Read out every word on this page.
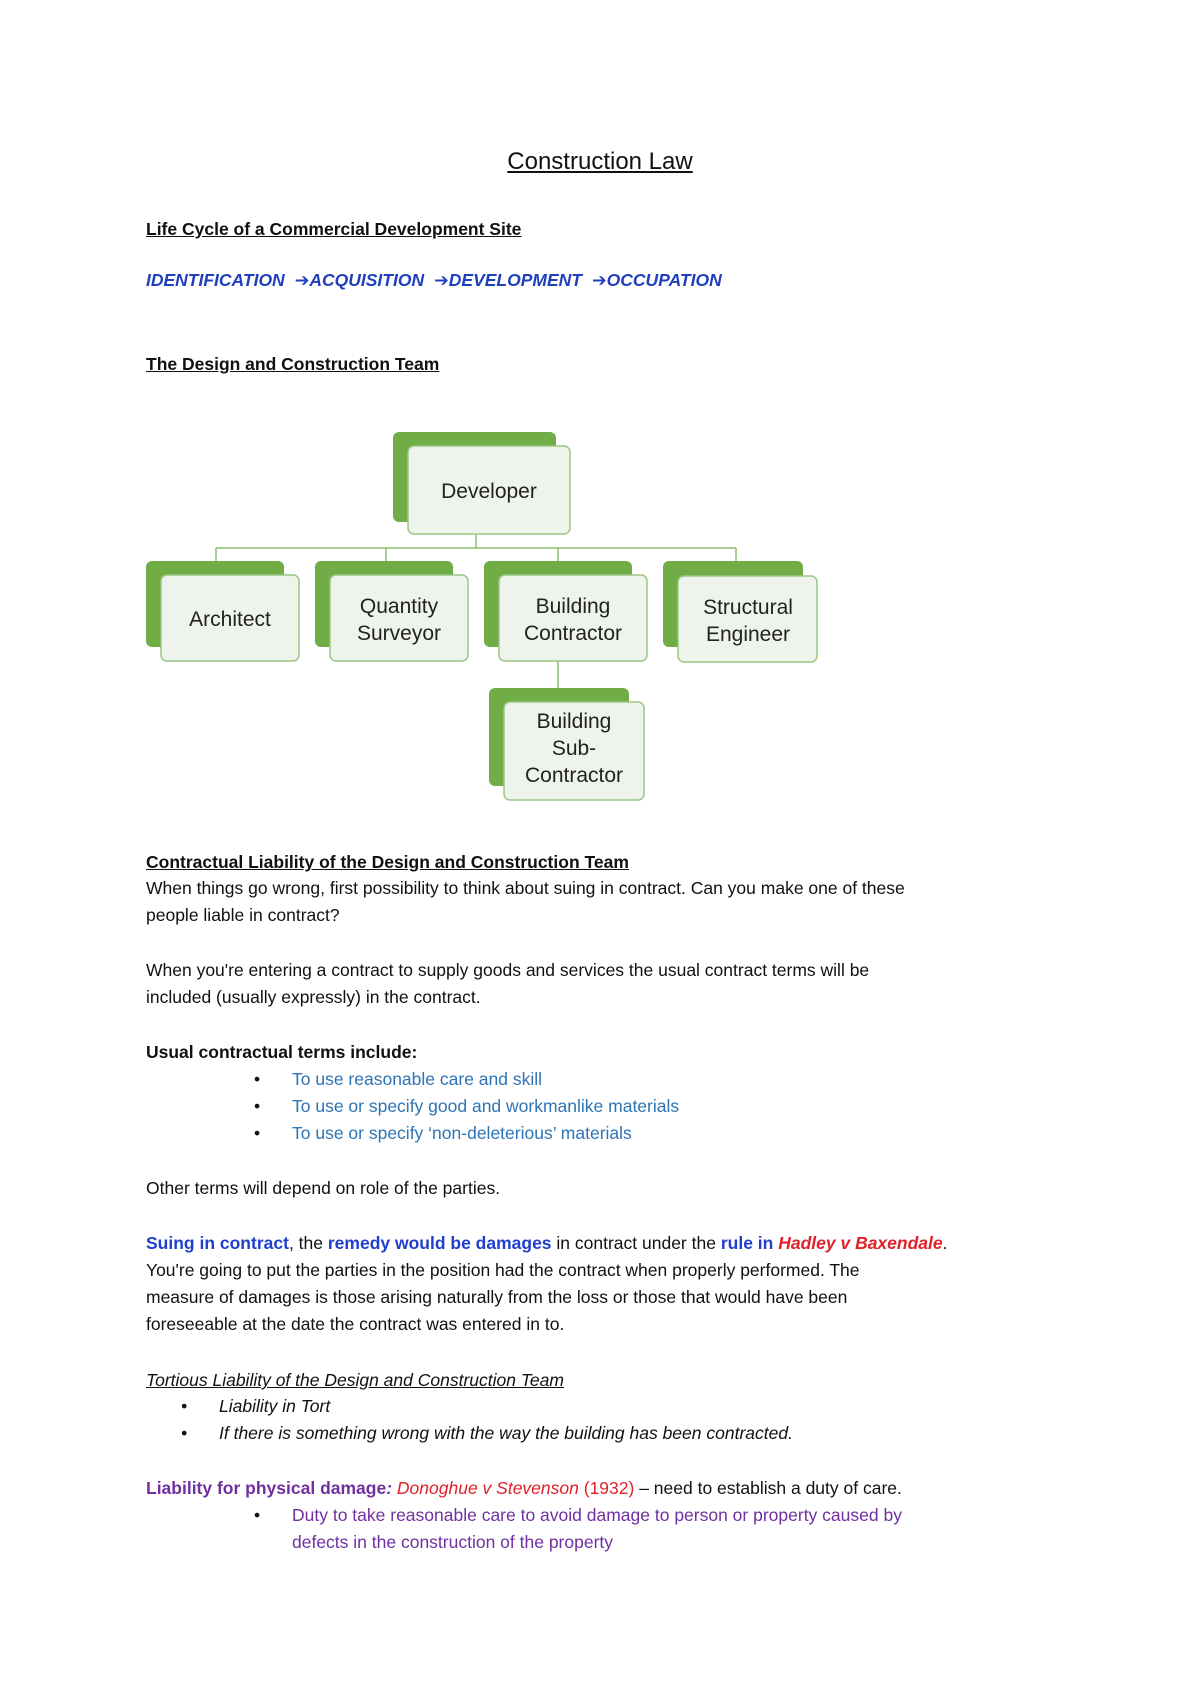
Construction Law
Life Cycle of a Commercial Development Site
IDENTIFICATION ➔ACQUISITION ➔DEVELOPMENT ➔OCCUPATION
The Design and Construction Team
Developer
Architect
Quantity
Surveyor
Building
Contractor
Structural
Engineer
Building
Sub-
Contractor
Contractual Liability of the Design and Construction Team
When things go wrong, first possibility to think about suing in contract. Can you make one of these
people liable in contract?
When you're entering a contract to supply goods and services the usual contract terms will be
included (usually expressly) in the contract.
Usual contractual terms include:
• To use reasonable care and skill
• To use or specify good and workmanlike materials
• To use or specify ‘non-deleterious’ materials
Other terms will depend on role of the parties.
Suing in contract, the remedy would be damages in contract under the rule in Hadley v Baxendale.
You're going to put the parties in the position had the contract when properly performed. The
measure of damages is those arising naturally from the loss or those that would have been
foreseeable at the date the contract was entered in to.
Tortious Liability of the Design and Construction Team
• Liability in Tort
• If there is something wrong with the way the building has been contracted.
Liability for physical damage: Donoghue v Stevenson (1932) – need to establish a duty of care.
• Duty to take reasonable care to avoid damage to person or property caused by
defects in the construction of the property
